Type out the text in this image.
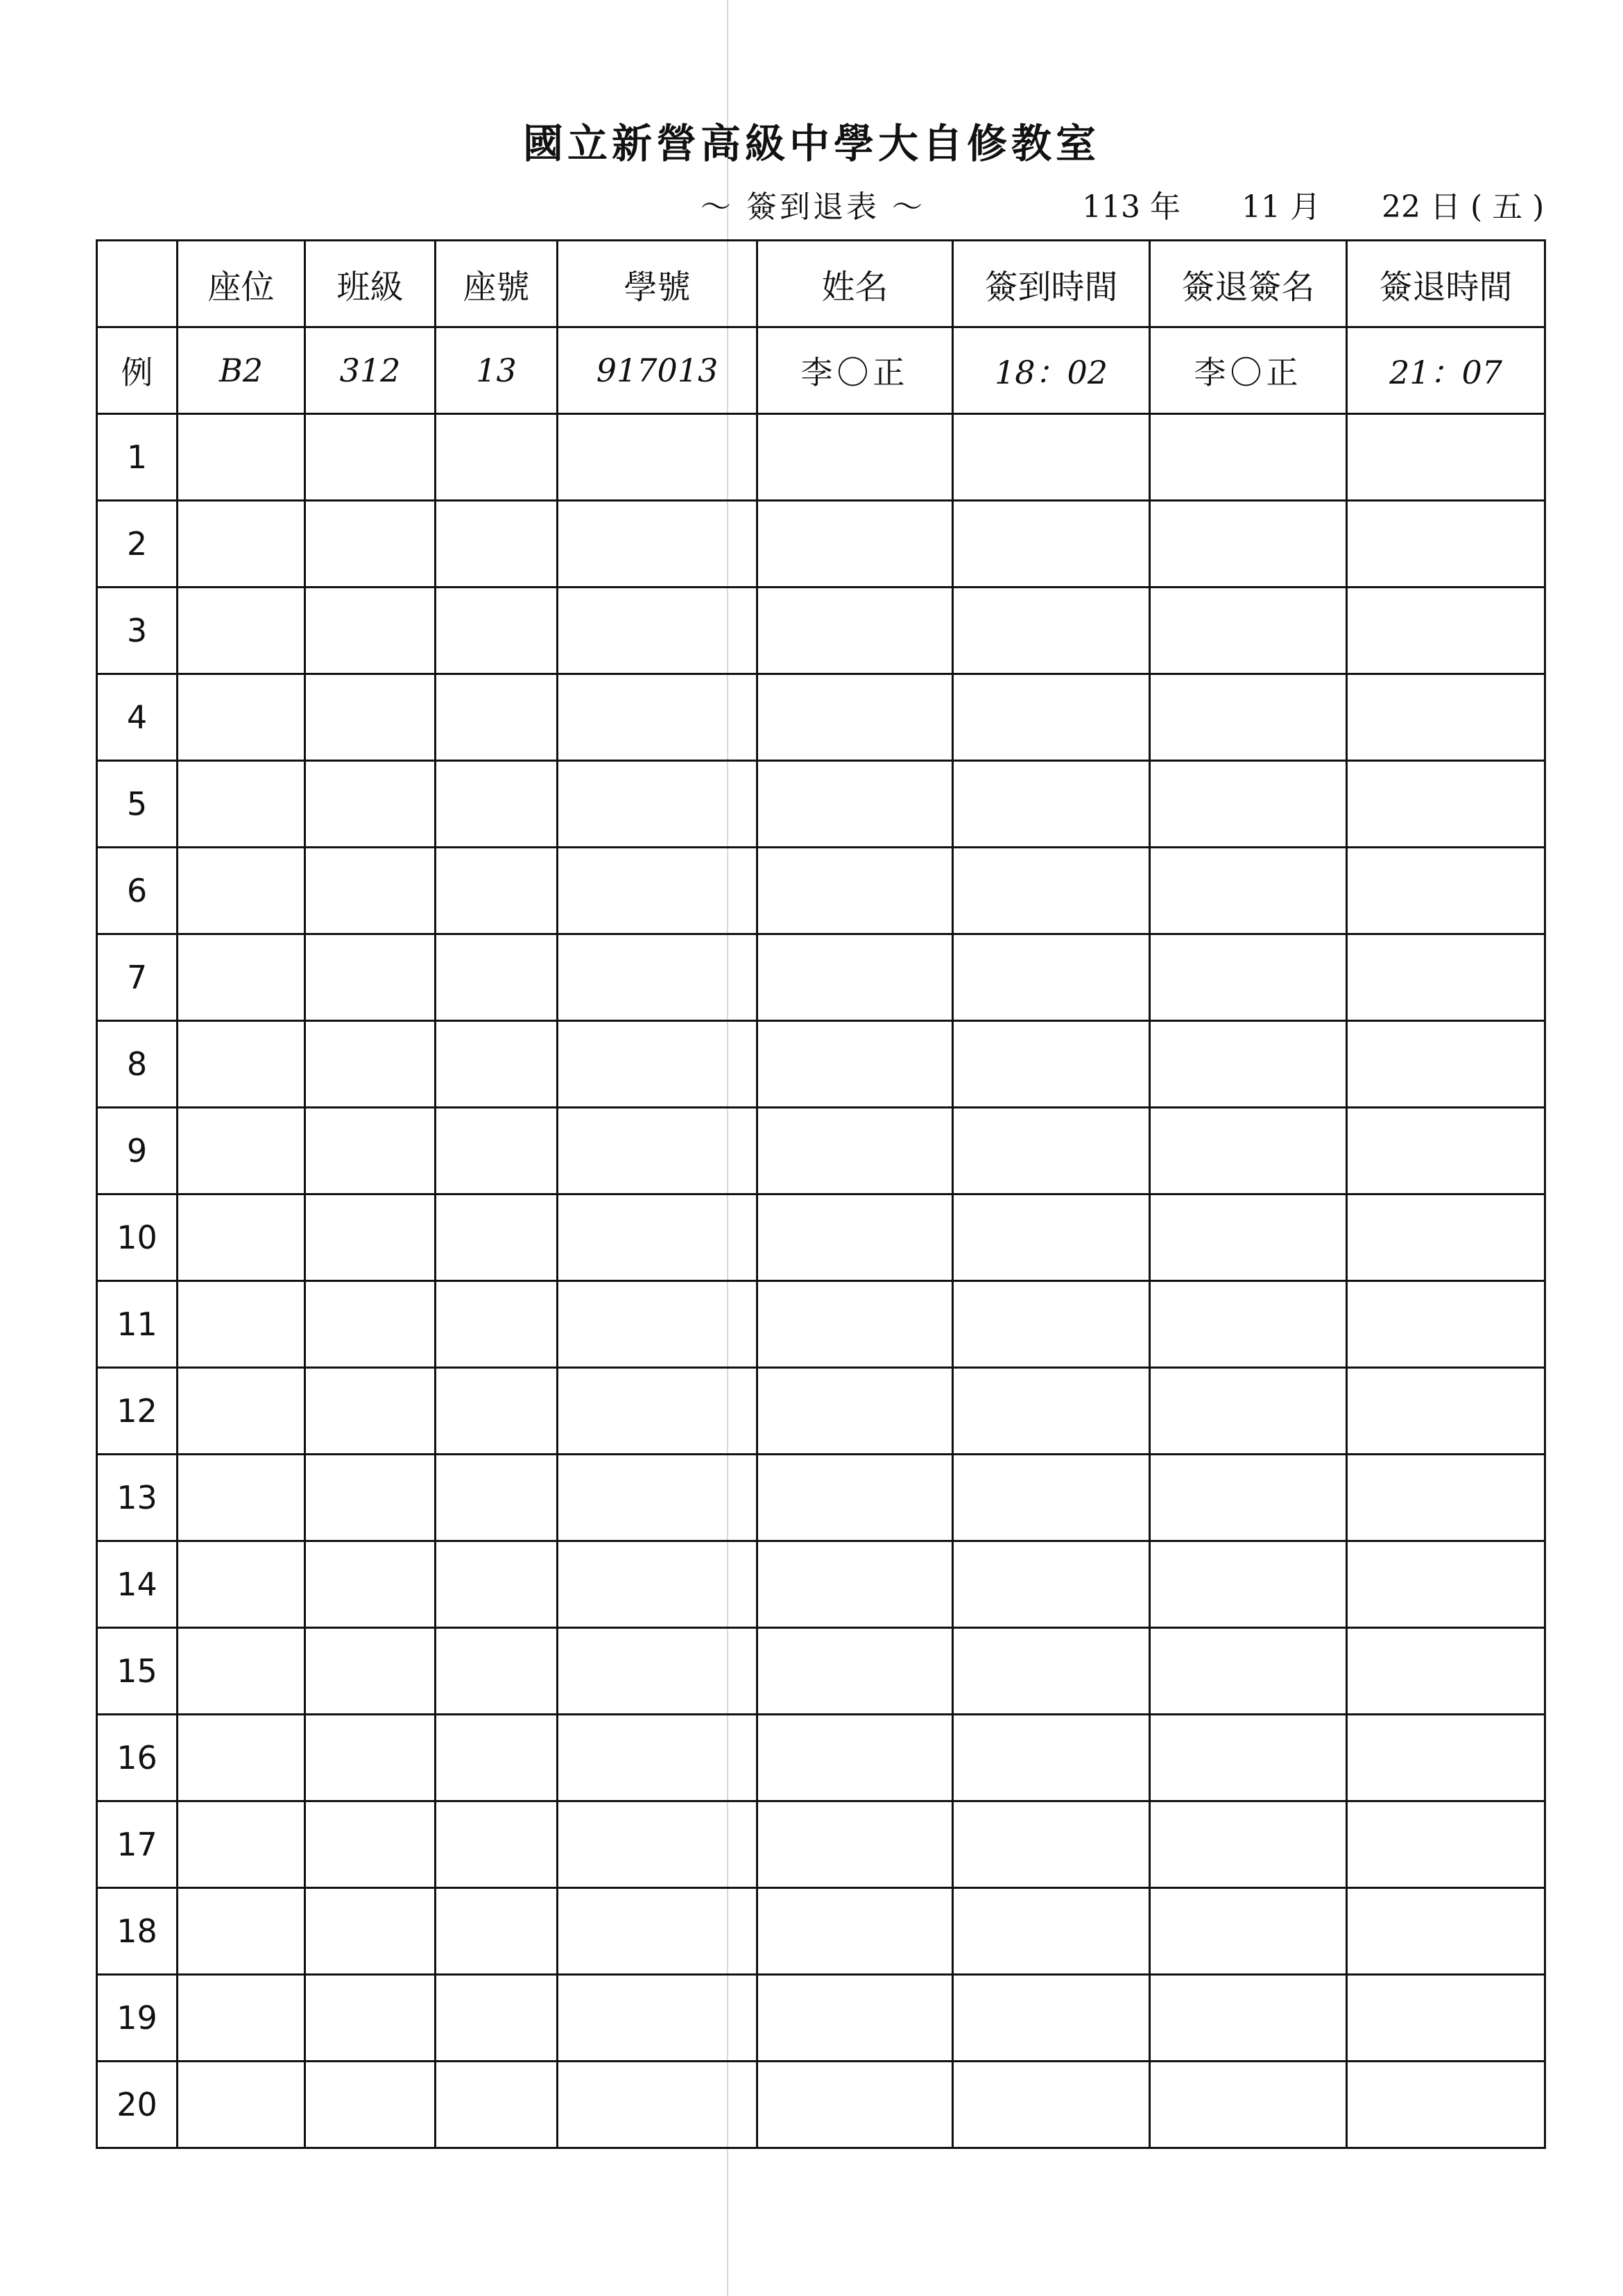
國立新營高級中學大自修教室
～ 簽到退表 ～	113 年 11 月 22 日 ( 五 )
	座位	班級	座號	學號	姓名	簽到時間	簽退簽名	簽退時間
例	B2	312	13	917013	李〇正	18：02	李〇正	21：07
1								
2								
3								
4								
5								
6								
7								
8								
9								
10								
11								
12								
13								
14								
15								
16								
17								
18								
19								
20								
